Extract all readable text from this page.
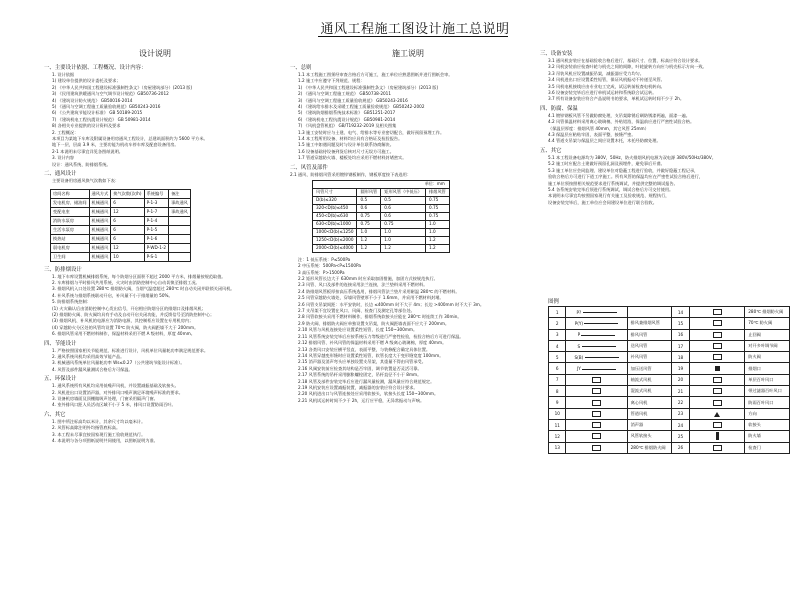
通风工程施工图设计施工总说明
设计说明
一、主要设计依据、工程概况、设计内容：
1. 设计依据
1) 建设单位提供的设计委托及要求；
2) 《中华人民共和国工程建设标准强制性条文》（房屋建筑部分）(2013 版)
3) 《民用建筑供暖通风与空气调节设计规范》GB50736-2012
4) 《建筑设计防火规范》 GB50016-2014
5) 《通风与空调工程施工质量验收规范》GB50243-2016
6) 《公共建筑节能设计标准》 GB 50189-2015
7) 《建筑机电工程抗震设计规范》 GB 50981-2014
8) 各相关专业提供的设计资料及要求
2. 工程概况：
本项目为某地下车库及附属设备用房通风工程设计，总建筑面积约为 5600 平方米。
地下一层，层高 3.9 米，主要功能为机动车停车库及配套设备用房。
2-1 本说明未尽事宜详见各图纸说明。
3. 设计内容
设计：通风系统、防排烟系统。
二、通风设计
主要设备用房通风换气次数如下表：
房间名称	通风方式	换气次数(次/h)	系统编号	备注
发电机房、储油间	机械通风	6	P-1-3	事故通风
变配电室	机械通风	12	P-1-7	事故通风
消防水泵房	机械通风	6	P-1-4	
生活水泵房	机械通风	6	P-1-5	
换热站	机械通风	6	P-1-6	
弱电机房	机械通风	12	P-WD-1-2	
卫生间	机械通风	10	P-S-1	
三、防排烟设计
1. 地下车库设置机械排烟系统，每个防烟分区面积不超过 2000 平方米，排烟量按规范取值。
2. 车库排烟与平时排风共用系统，火灾时由消防控制中心自动切换至排烟工况。
3. 排烟风机入口处设置 280℃ 排烟防火阀，当烟气温度超过 280℃ 时自动关闭并联锁关闭风机。
4. 补风系统与排烟系统联动开启，补风量不小于排烟量的 50%。
5. 防排烟系统控制：
(1) 火灾确认后由消防控制中心发出信号，开启相应防烟分区的排烟口及排烟风机；
(2) 排烟防火阀、防火阀均具有手动及自动开启关闭功能，并反馈信号至消防控制中心；
(3) 排烟风机、补风机的电源应为消防电源，其控制柜应设置在专用机房内；
(4) 穿越防火分区处的风管均设置 70℃ 防火阀，防火阀距墙不大于 200mm。
6. 排烟风管采用不燃材料制作，保温材料采用不燃 A 级材料，厚度 40mm。
四、节能设计
1. 严格按照国家相关节能规范、标准进行设计，风机单位风量耗功率满足规范要求。
2. 通风系统风机均采用高效节能产品。
3. 机械通风系统单位风量耗功率 Ws≤0.27（公共建筑节能设计标准）。
4. 风管及部件漏风量测试合格后方可保温。
五、环保设计
1. 通风系统所有风机均采用低噪声风机，并设置减振基础及软接头。
2. 风机进出口设置消声器，对外排风口噪声满足环境噪声标准的要求。
3. 设备机房墙面及顶棚做吸声处理，门窗采用隔声门窗。
4. 室外排风口距人员活动区域不小于 5 米，排风口设置防雨百叶。
六、其它
1. 图中所注标高均以米计，其余尺寸均以毫米计。
2. 风管标高除注明外均指管底标高。
3. 本工程未尽事宜按国家现行施工验收规范执行。
4. 本说明与各分项图纸说明共同使用，以图纸说明为准。
施工说明
一、总则
1.1 本工程施工图须经审查合格后方可施工，施工单位应熟悉图纸并进行图纸会审。
1.2 施工中应遵守下列规范、规程：
1) 《中华人民共和国工程建设标准强制性条文》（房屋建筑部分）(2013 版)
2) 《通风与空调工程施工规范》 GB50738-2011
3) 《通风与空调工程施工质量验收规范》 GB50243-2016
4) 《建筑给水排水及采暖工程施工质量验收规范》 GB50242-2002
5) 《建筑防烟排烟系统技术标准》 GB51251-2017
6) 《建筑机电工程抗震设计规范》 GB50981-2014
7) 《风机盘管机组》 GB/T19232-2019 及相关图集
1.3 施工安装时应与土建、电气、给排水等专业密切配合，做好预留预埋工作。
1.4 本工程所用设备、材料均应具有合格证及检验报告。
1.5 施工中如遇问题及时与设计单位联系协商解决。
1.6 设备基础待设备到货后核对尺寸无误方可施工。
1.7 管道穿越防火墙、楼板处均应采用不燃材料封堵密实。
二、风管及部件
2.1 通风、防排烟风管采用镀锌钢板制作，钢板厚度按下表选用：
单位：mm			
风管尺寸	圆形风管	矩形风管（中低压）	排烟风管
D(b)≤320	0.5	0.5	0.75
320<D(b)≤450	0.6	0.6	0.75
450<D(b)≤630	0.75	0.6	0.75
630<D(b)≤1000	0.75	0.75	1.0
1000<D(b)≤1250	1.0	1.0	1.0
1250<D(b)≤2000	1.2	1.0	1.2
2000<D(b)≤4000	1.2	1.2	1.2
注：1 低压系统：P≤500Pa
2 中压系统：500Pa<P≤1500Pa
3 高压系统：P>1500Pa
2.2 矩形风管长边大于 630mm 时应采取加固措施，加固方式按规范执行。
2.3 风管、风口及部件的连接采用法兰连接，法兰垫料采用不燃材料。
2.4 防排烟风管板厚按高压系统选用，排烟风管法兰垫片采用耐温 280℃ 的不燃材料。
2.5 风管穿越防火墙处，穿墙风管壁厚不小于 1.6mm，并采用不燃材料封堵。
2.6 风管支吊架间距：水平安装时，长边 ≤400mm 时不大于 4m；长边 >400mm 时不大于 3m。
2.7 支吊架不宜设置在风口、风阀、检查门及测定孔等部位处。
2.8 风管软接头采用不燃材料制作，排烟系统软接头应能在 280℃ 时连续工作 30min。
2.9 防火阀、排烟防火阀应单独设置支吊架，防火阀距墙表面不应大于 200mm。
2.10 风管与风机连接处应设置柔性短管，长度 150~300mm。
2.11 风管系统安装完毕后应按系统压力等级进行严密性检验，检验合格后方可进行保温。
2.12 排烟风管、补风风管的保温材料采用不燃 A 级离心玻璃棉，厚度 40mm。
2.13 各类风口安装应横平竖直、表面平整，与装修配合确定具体位置。
2.14 风管穿越变形缝时应设置柔性短管，软管长度大于变形缝宽度 100mm。
2.15 消声器及消声弯头应单独设置支吊架，其重量不得由风管承受。
2.16 风阀安装前应检查其结构是否牢固，调节装置是否灵活可靠。
2.17 风管系统的吊杆采用膨胀螺栓固定，吊杆直径不小于 8mm。
2.18 风管及部件安装完毕后应进行漏风量检测，漏风量应符合规范规定。
2.19 风机安装应设置减振装置，减振器的安装应符合设计要求。
2.20 风机进出口与风管连接处应采用软接头，软接头长度 150~300mm。
2.21 风机试运转时间不少于 2h，运行应平稳，无异常振动与声响。
三、设备安装
3.1 通风机安装应在基础验收合格后进行，基础尺寸、位置、标高应符合设计要求。
3.2 风机安装前应检查叶轮与机壳之间的间隙，叶轮旋转方向应与机壳标示方向一致。
3.3 吊装风机应设置减振吊架，减振器应受力均匀。
3.4 风机进出口应设置柔性短管，保证风机振动不传递至风管。
3.5 风机电机接线应由专业电工完成，试运转前检查电机转向。
3.6 设备安装完毕后应进行单机试运转和系统联合试运转。
3.7 所有设备安装应符合产品说明书的要求，单机试运转时间不少于 2h。
四、防腐、保温
4.1 镀锌钢板风管不另做防腐处理，支吊架除锈后刷防锈漆两遍，面漆一遍。
4.2 风管保温材料采用离心玻璃棉，外贴铝箔，保温前应进行严密性试验合格。
（保温层厚度：排烟风管 40mm，其它风管 25mm）
4.3 保温层应粘贴牢固，表面平整，接缝严密。
4.4 管道支吊架与保温层之间应设置木托，木托经防腐处理。
五、其它
5.1 本工程设备电源均为 380V，50Hz，防火排烟风机电源为双电源 380V/50Hz/380V。
5.2 施工时应配合土建做好预留孔洞及预埋件，避免事后开凿。
5.3 施工单位应会同监理、建设单位对隐蔽工程进行验收，并做好隐蔽工程记录，
验收合格后方可进行下道工序施工。所有风管的保温均应在严密性试验合格后进行，
施工单位须按照相关规范要求进行系统调试，并提供完整的调试报告。
5.4 各系统安装完毕后须进行系统调试，调试合格后方可交付使用。
本说明未尽事宜均按照国家现行有关施工及验收规范、规程执行，
设备安装完毕后，施工单位应会同建设单位进行联合验收。
图例
1	P?		14		280℃ 排烟防火阀
2	P(Y)	排风兼排烟风管	15		70℃ 防火阀
3	P	排风风管	16		止回阀
4	S	送风风管	17		对开多叶调节阀
5	S(B)	补风风管	18		防火阀
6	JY	加压送风管	19		排烟口
7		轴流式风机	20		单层百叶风口
8		混流式风机	21		带过滤器百叶风口
9		离心风机	22		防雨百叶风口
10		管道风机	23		方向
11		消声器	24		软接头
12		风管软接头	25		防火墙
13		280℃ 排烟防火阀	26		检查门
